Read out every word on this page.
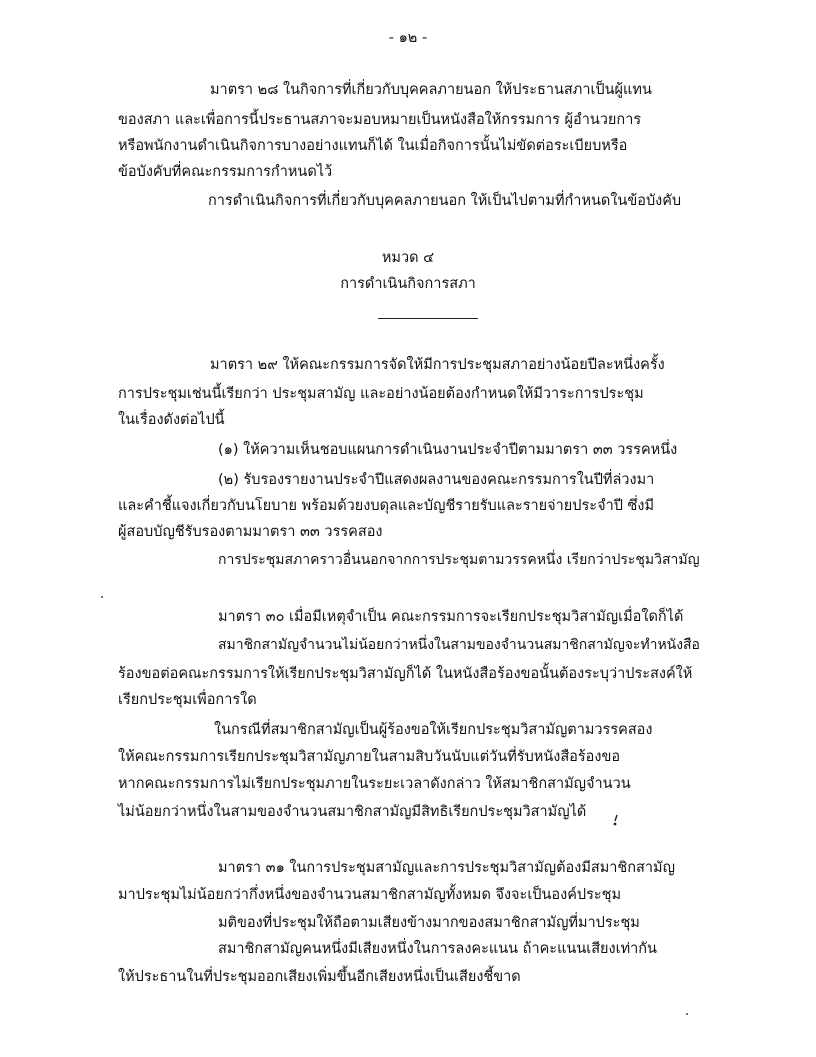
- ๑๒ -
มาตรา ๒๘ ในกิจการที่เกี่ยวกับบุคคลภายนอก ให้ประธานสภาเป็นผู้แทน
ของสภา และเพื่อการนี้ประธานสภาจะมอบหมายเป็นหนังสือให้กรรมการ ผู้อำนวยการ
หรือพนักงานดำเนินกิจการบางอย่างแทนก็ได้ ในเมื่อกิจการนั้นไม่ขัดต่อระเบียบหรือ
ข้อบังคับที่คณะกรรมการกำหนดไว้
การดำเนินกิจการที่เกี่ยวกับบุคคลภายนอก ให้เป็นไปตามที่กำหนดในข้อบังคับ
หมวด ๔
การดำเนินกิจการสภา
มาตรา ๒๙ ให้คณะกรรมการจัดให้มีการประชุมสภาอย่างน้อยปีละหนึ่งครั้ง
การประชุมเช่นนี้เรียกว่า ประชุมสามัญ และอย่างน้อยต้องกำหนดให้มีวาระการประชุม
ในเรื่องดังต่อไปนี้
(๑) ให้ความเห็นชอบแผนการดำเนินงานประจำปีตามมาตรา ๓๓ วรรคหนึ่ง
(๒) รับรองรายงานประจำปีแสดงผลงานของคณะกรรมการในปีที่ล่วงมา
และคำชี้แจงเกี่ยวกับนโยบาย พร้อมด้วยงบดุลและบัญชีรายรับและรายจ่ายประจำปี ซึ่งมี
ผู้สอบบัญชีรับรองตามมาตรา ๓๓ วรรคสอง
การประชุมสภาคราวอื่นนอกจากการประชุมตามวรรคหนึ่ง เรียกว่าประชุมวิสามัญ
มาตรา ๓๐ เมื่อมีเหตุจำเป็น คณะกรรมการจะเรียกประชุมวิสามัญเมื่อใดก็ได้
สมาชิกสามัญจำนวนไม่น้อยกว่าหนึ่งในสามของจำนวนสมาชิกสามัญจะทำหนังสือ
ร้องขอต่อคณะกรรมการให้เรียกประชุมวิสามัญก็ได้ ในหนังสือร้องขอนั้นต้องระบุว่าประสงค์ให้
เรียกประชุมเพื่อการใด
ในกรณีที่สมาชิกสามัญเป็นผู้ร้องขอให้เรียกประชุมวิสามัญตามวรรคสอง
ให้คณะกรรมการเรียกประชุมวิสามัญภายในสามสิบวันนับแต่วันที่รับหนังสือร้องขอ
หากคณะกรรมการไม่เรียกประชุมภายในระยะเวลาดังกล่าว ให้สมาชิกสามัญจำนวน
ไม่น้อยกว่าหนึ่งในสามของจำนวนสมาชิกสามัญมีสิทธิเรียกประชุมวิสามัญได้
มาตรา ๓๑ ในการประชุมสามัญและการประชุมวิสามัญต้องมีสมาชิกสามัญ
มาประชุมไม่น้อยกว่ากึ่งหนึ่งของจำนวนสมาชิกสามัญทั้งหมด จึงจะเป็นองค์ประชุม
มติของที่ประชุมให้ถือตามเสียงข้างมากของสมาชิกสามัญที่มาประชุม
สมาชิกสามัญคนหนึ่งมีเสียงหนึ่งในการลงคะแนน ถ้าคะแนนเสียงเท่ากัน
ให้ประธานในที่ประชุมออกเสียงเพิ่มขึ้นอีกเสียงหนึ่งเป็นเสียงชี้ขาด
